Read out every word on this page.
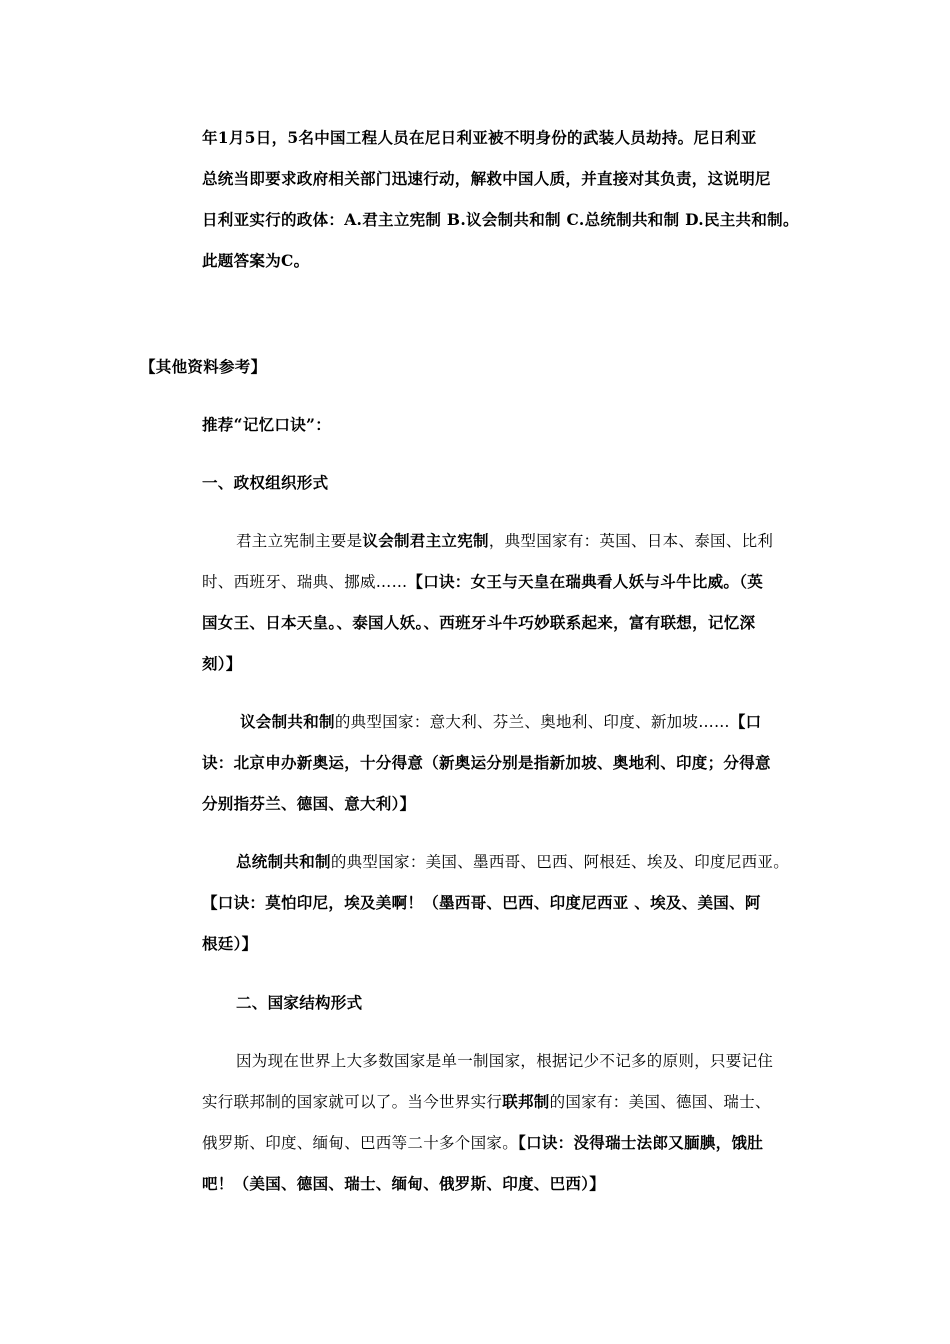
年1月5日，5名中国工程人员在尼日利亚被不明身份的武装人员劫持。尼日利亚
总统当即要求政府相关部门迅速行动，解救中国人质，并直接对其负责，这说明尼
日利亚实行的政体：A.君主立宪制 B.议会制共和制 C.总统制共和制 D.民主共和制。
此题答案为C。
【其他资料参考】
推荐“记忆口诀”：
一、政权组织形式
君主立宪制主要是议会制君主立宪制，典型国家有：英国、日本、泰国、比利
时、西班牙、瑞典、挪威……【口诀：女王与天皇在瑞典看人妖与斗牛比威。（英
国女王、日本天皇。、泰国人妖。、西班牙斗牛巧妙联系起来，富有联想，记忆深
刻）】
议会制共和制的典型国家：意大利、芬兰、奥地利、印度、新加坡……【口
诀：北京申办新奥运，十分得意（新奥运分别是指新加坡、奥地利、印度；分得意
分别指芬兰、德国、意大利）】
总统制共和制的典型国家：美国、墨西哥、巴西、阿根廷、埃及、印度尼西亚。
【口诀：莫怕印尼，埃及美啊！（墨西哥、巴西、印度尼西亚 、埃及、美国、阿
根廷）】
二、国家结构形式
因为现在世界上大多数国家是单一制国家，根据记少不记多的原则，只要记住
实行联邦制的国家就可以了。当今世界实行联邦制的国家有：美国、德国、瑞士、
俄罗斯、印度、缅甸、巴西等二十多个国家。【口诀：没得瑞士法郎又腼腆，饿肚
吧！（美国、德国、瑞士、缅甸、俄罗斯、印度、巴西）】
